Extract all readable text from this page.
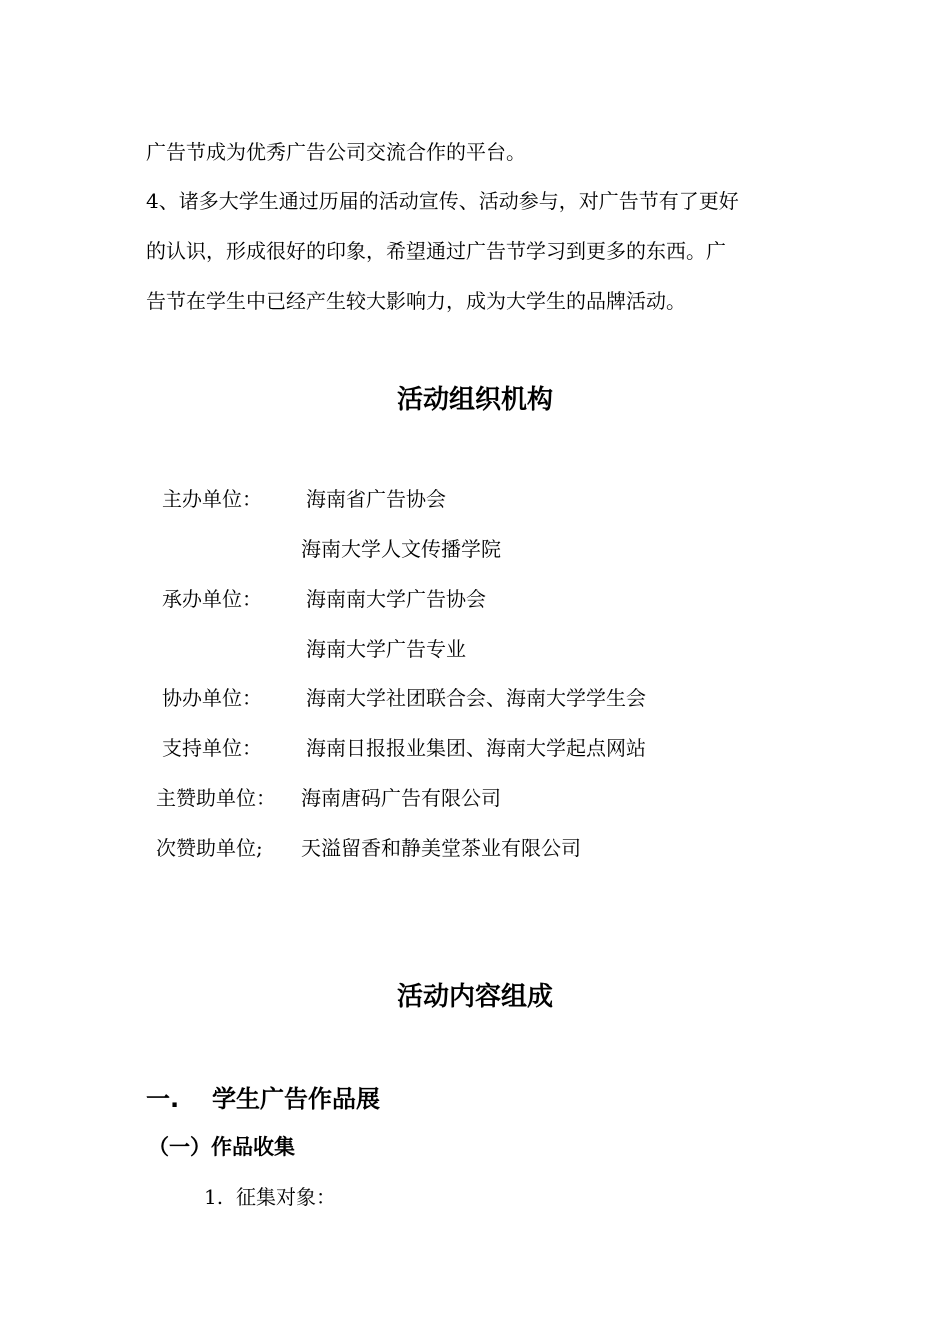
广告节成为优秀广告公司交流合作的平台。
4、诸多大学生通过历届的活动宣传、活动参与，对广告节有了更好
的认识，形成很好的印象，希望通过广告节学习到更多的东西。广
告节在学生中已经产生较大影响力，成为大学生的品牌活动。
活动组织机构
主办单位： 海南省广告协会
海南大学人文传播学院
承办单位： 海南南大学广告协会
海南大学广告专业
协办单位： 海南大学社团联合会、海南大学学生会
支持单位： 海南日报报业集团、海南大学起点网站
主赞助单位： 海南唐码广告有限公司
次赞助单位; 天溢留香和静美堂茶业有限公司
活动内容组成
一. 学生广告作品展
（一）作品收集
1. 征集对象：
